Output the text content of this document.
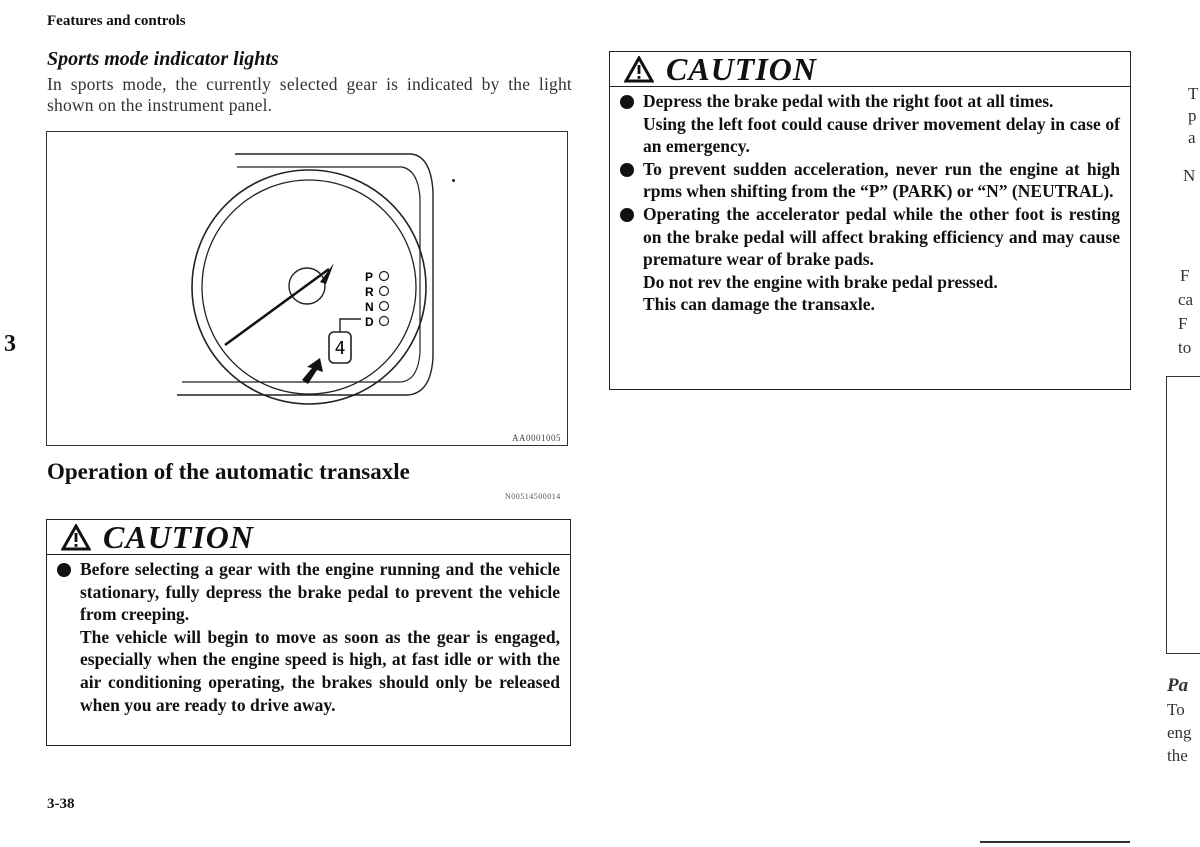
Features and controls
Sports mode indicator lights
In sports mode, the currently selected gear is indicated by the light shown on the instrument panel.
P
R
N
D
4
AA0001005
3
Operation of the automatic transaxle
N00514500014
CAUTION

Before selecting a gear with the engine running and the vehicle stationary, fully depress the brake pedal to prevent the vehicle from creeping.

The vehicle will begin to move as soon as the gear is engaged, especially when the engine speed is high, at fast idle or with the air conditioning operating, the brakes should only be released when you are ready to drive away.

CAUTION

Depress the brake pedal with the right foot at all times.

Using the left foot could cause driver movement delay in case of an emergency.

To prevent sudden acceleration, never run the engine at high rpms when shifting from the “P” (PARK) or “N” (NEUTRAL).

Operating the accelerator pedal while the other foot is resting on the brake pedal will affect braking efficiency and may cause premature wear of brake pads.

Do not rev the engine with brake pedal pressed.

This can damage the transaxle.

T
p
a
N
F
ca
F
to
Pa
To
eng
the
3-38
